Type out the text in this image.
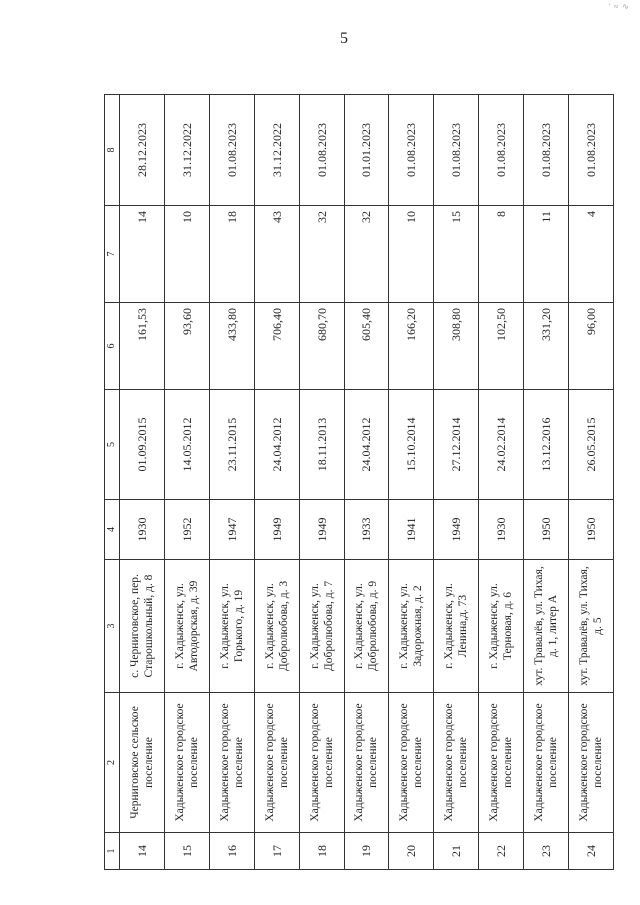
5
' ≈ ∿
1	2	3	4	5	6	7	8
14	Черниговское сельское поселение	с. Черниговское, пер. Старошкольный, д. 8	1930	01.09.2015	161,53	14	28.12.2023
15	Хадыженское городское поселение	г. Хадыженск, ул. Автодорская, д. 39	1952	14.05.2012	93,60	10	31.12.2022
16	Хадыженское городское поселение	г. Хадыженск, ул. Горького, д. 19	1947	23.11.2015	433,80	18	01.08.2023
17	Хадыженское городское поселение	г. Хадыженск, ул. Добролюбова, д. 3	1949	24.04.2012	706,40	43	31.12.2022
18	Хадыженское городское поселение	г. Хадыженск, ул. Добролюбова, д. 7	1949	18.11.2013	680,70	32	01.08.2023
19	Хадыженское городское поселение	г. Хадыженск, ул. Добролюбова, д. 9	1933	24.04.2012	605,40	32	01.01.2023
20	Хадыженское городское поселение	г. Хадыженск, ул. Задорожная, д. 2	1941	15.10.2014	166,20	10	01.08.2023
21	Хадыженское городское поселение	г. Хадыженск, ул. Ленина,д. 73	1949	27.12.2014	308,80	15	01.08.2023
22	Хадыженское городское поселение	г. Хадыженск, ул. Терновая, д. 6	1930	24.02.2014	102,50	8	01.08.2023
23	Хадыженское городское поселение	хут. Травалёв, ул. Тихая, д. 1, литер А	1950	13.12.2016	331,20	11	01.08.2023
24	Хадыженское городское поселение	хут. Травалёв, ул. Тихая, д. 5	1950	26.05.2015	96,00	4	01.08.2023
